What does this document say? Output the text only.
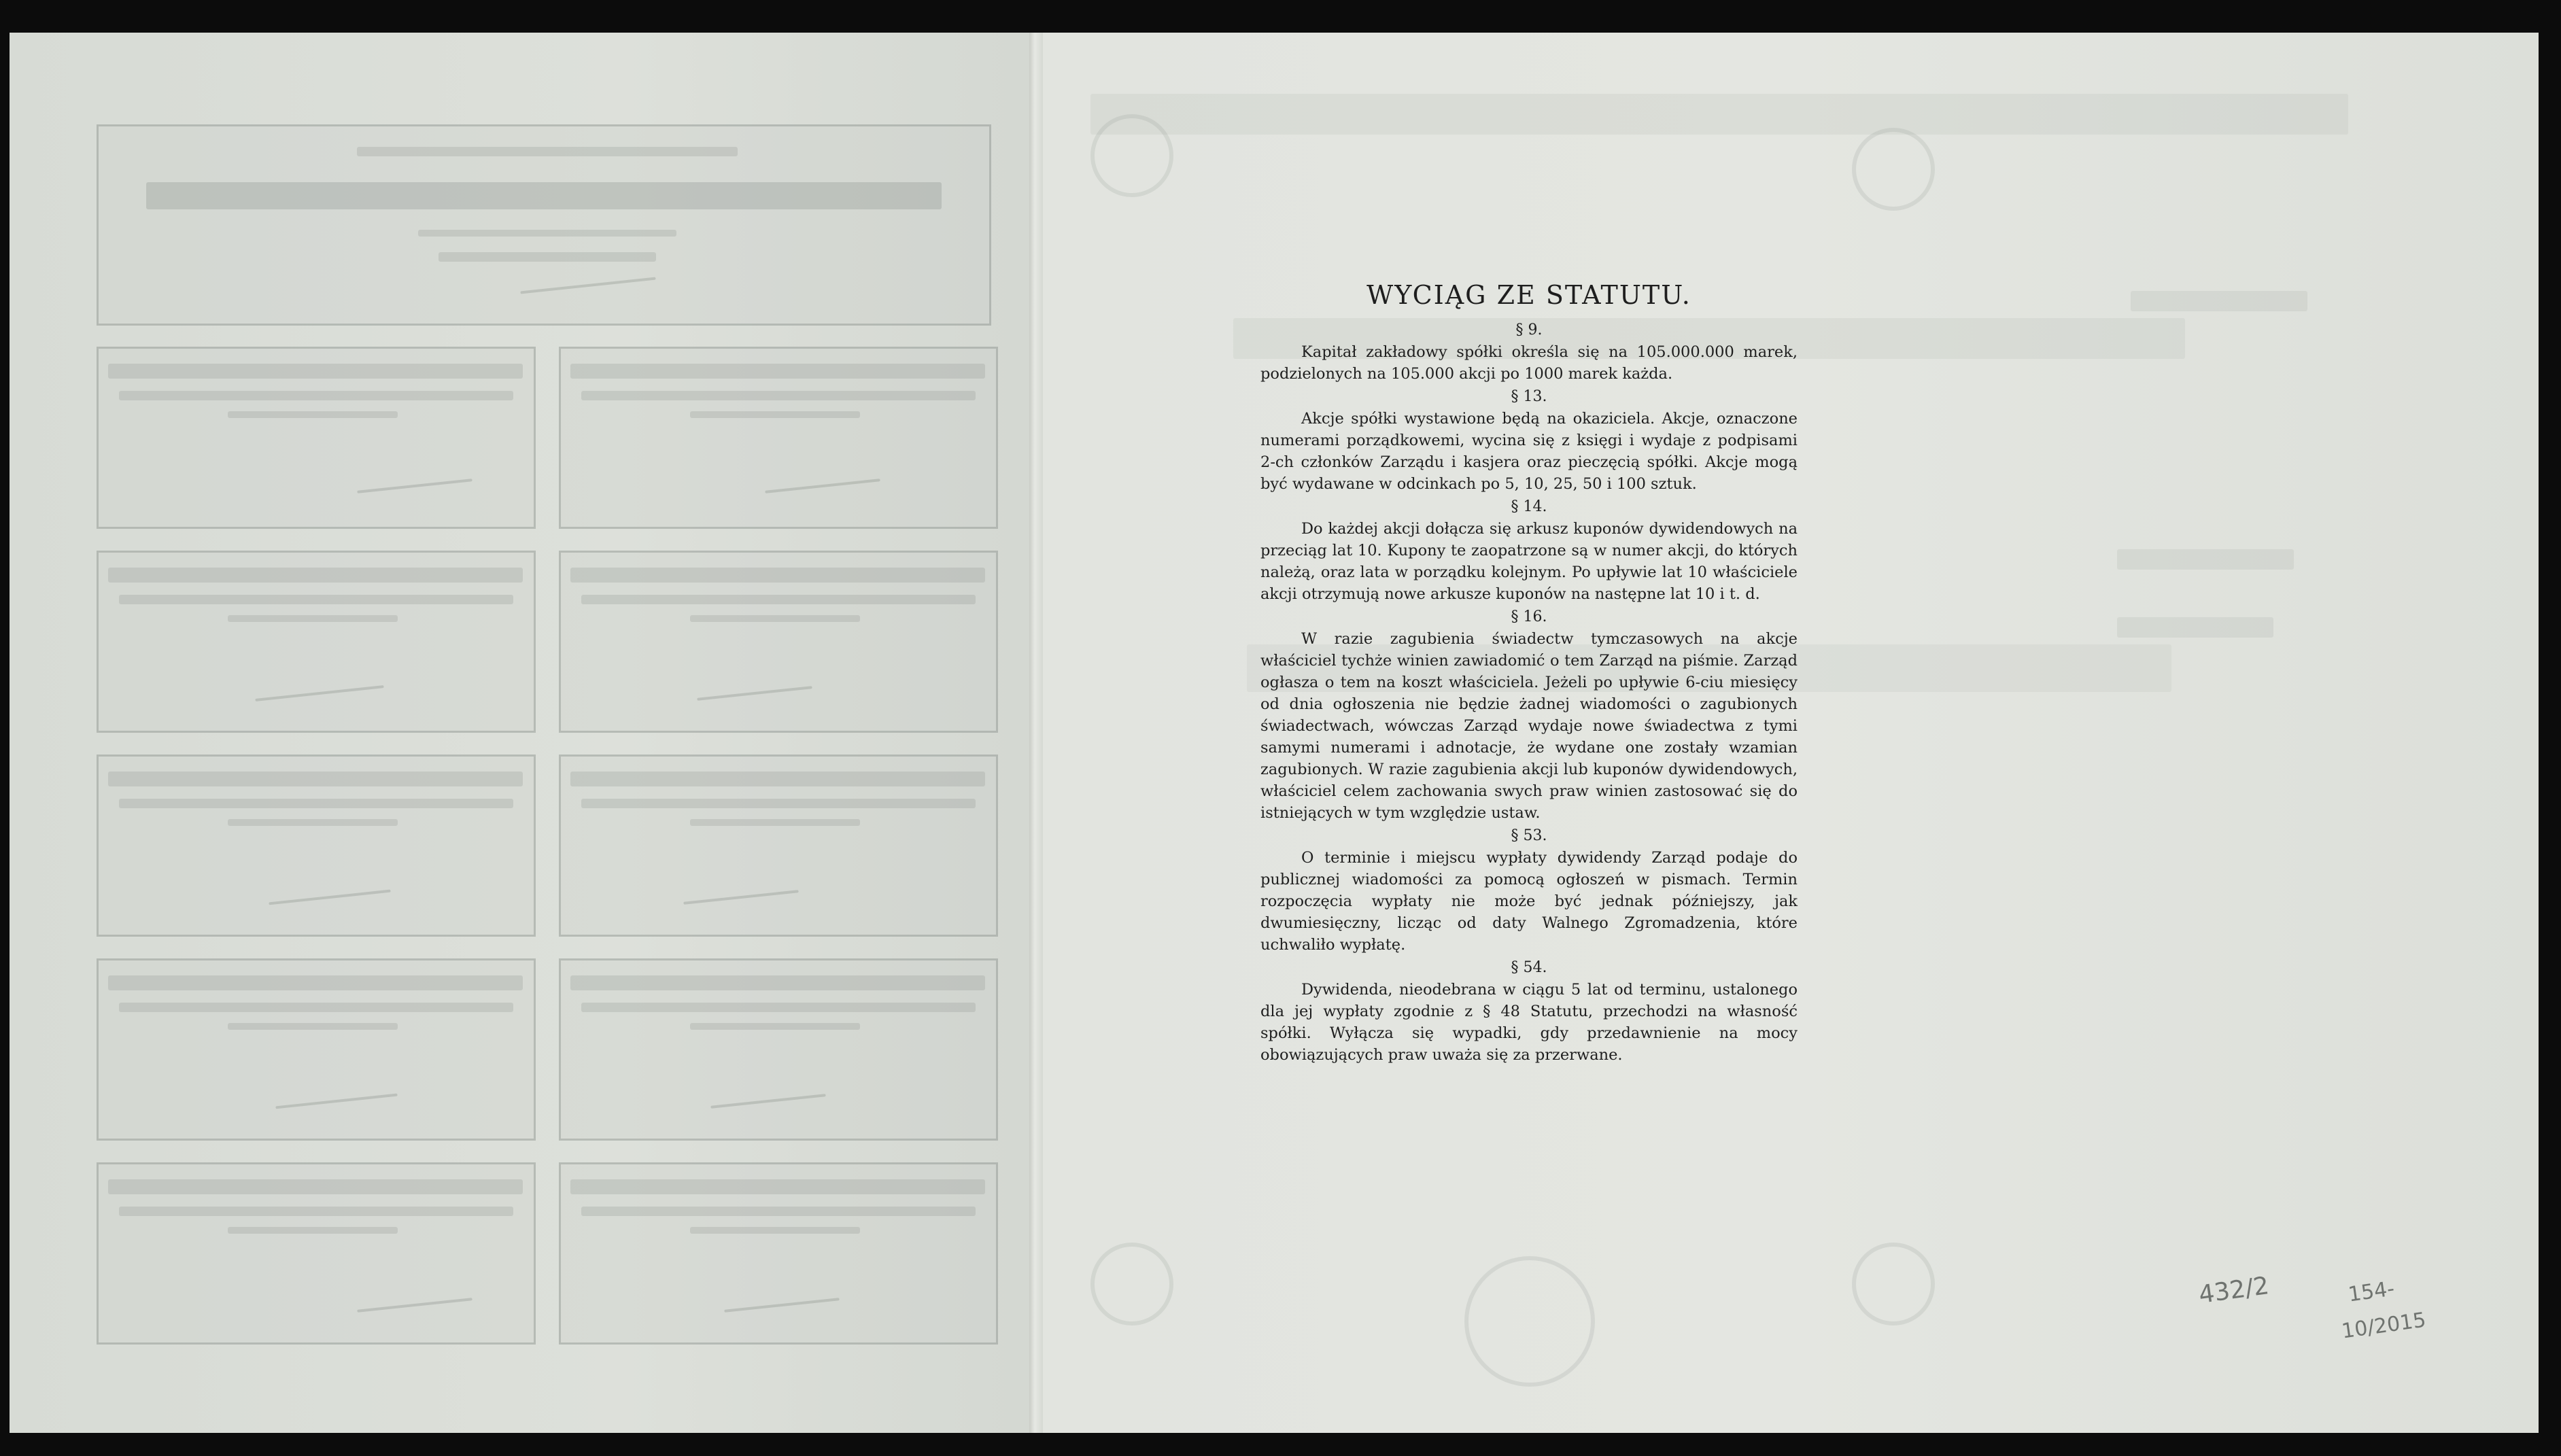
WYCIĄG ZE STATUTU.
§ 9.

Kapitał zakładowy spółki określa się na 105.000.000 marek, podzielonych na 105.000 akcji po 1000 marek każda.

§ 13.

Akcje spółki wystawione będą na okaziciela. Akcje, oznaczone numerami porządkowemi, wycina się z księgi i wydaje z podpisami 2-ch członków Zarządu i kasjera oraz pieczęcią spółki. Akcje mogą być wydawane w odcinkach po 5, 10, 25, 50 i 100 sztuk.

§ 14.

Do każdej akcji dołącza się arkusz kuponów dywidendowych na przeciąg lat 10. Kupony te zaopatrzone są w numer akcji, do których należą, oraz lata w porządku kolejnym. Po upływie lat 10 właściciele akcji otrzymują nowe arkusze kuponów na następne lat 10 i t. d.

§ 16.

W razie zagubienia świadectw tymczasowych na akcje właściciel tychże winien zawiadomić o tem Zarząd na piśmie. Zarząd ogłasza o tem na koszt właściciela. Jeżeli po upływie 6-ciu miesięcy od dnia ogłoszenia nie będzie żadnej wiadomości o zagubionych świadectwach, wówczas Zarząd wydaje nowe świadectwa z tymi samymi numerami i adnotacje, że wydane one zostały wzamian zagubionych. W razie zagubienia akcji lub kuponów dywidendowych, właściciel celem zachowania swych praw winien zastosować się do istniejących w tym względzie ustaw.

§ 53.

O terminie i miejscu wypłaty dywidendy Zarząd podaje do publicznej wiadomości za pomocą ogłoszeń w pismach. Termin rozpoczęcia wypłaty nie może być jednak późniejszy, jak dwumiesięczny, licząc od daty Walnego Zgromadzenia, które uchwaliło wypłatę.

§ 54.

Dywidenda, nieodebrana w ciągu 5 lat od terminu, ustalonego dla jej wypłaty zgodnie z § 48 Statutu, przechodzi na własność spółki. Wyłącza się wypadki, gdy przedawnienie na mocy obowiązujących praw uważa się za przerwane.

432/2	154-
10/2015
